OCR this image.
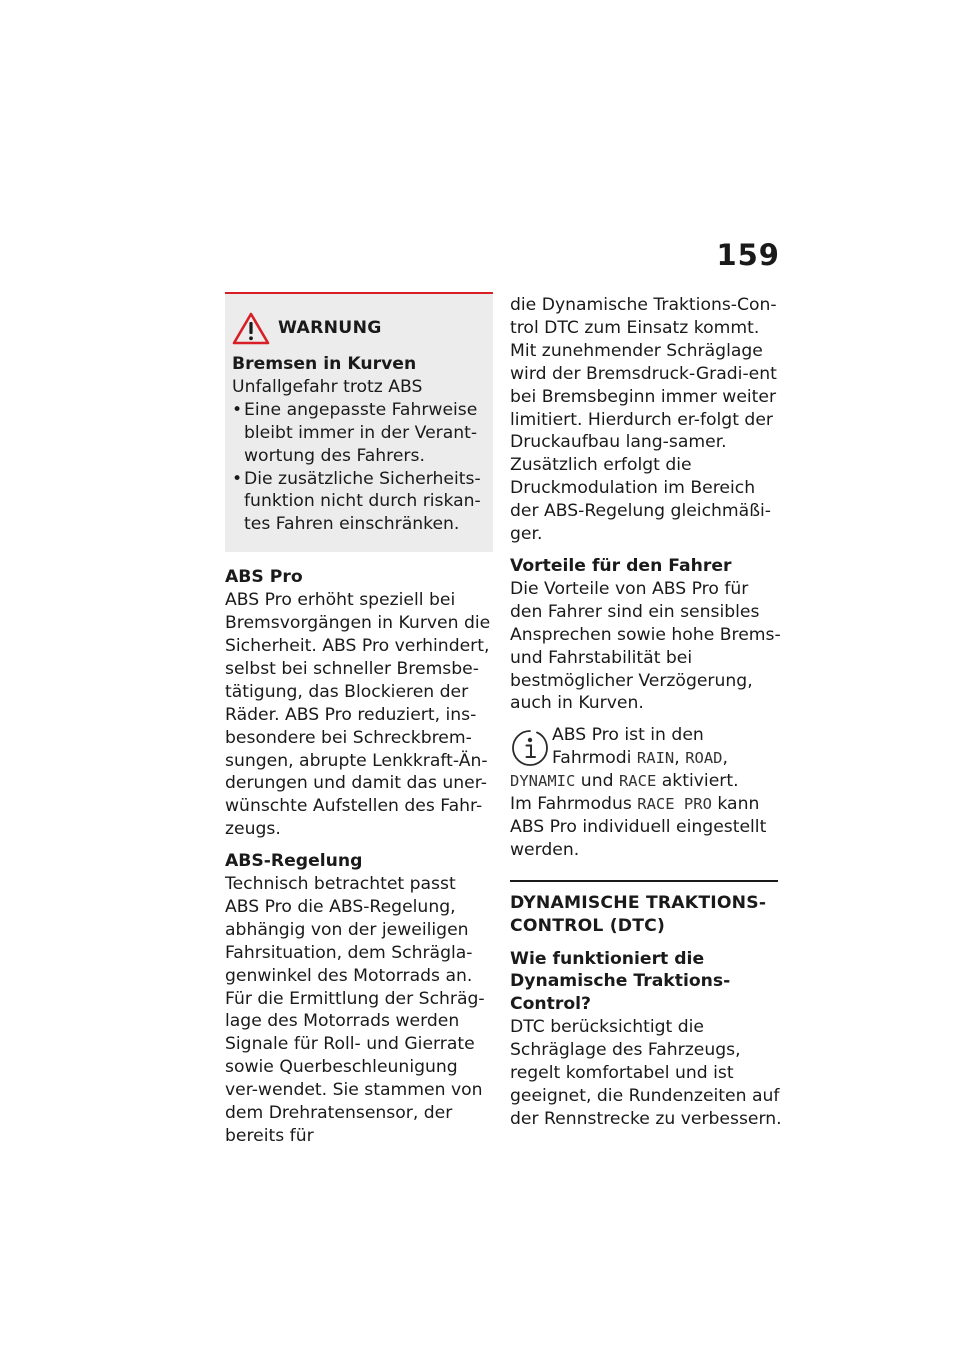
159
WARNUNG

Bremsen in Kurven

Unfallgefahr trotz ABS

• Eine angepasste Fahrweise bleibt immer in der Verant-wortung des Fahrers.
• Die zusätzliche Sicherheits-funktion nicht durch riskan-tes Fahren einschränken.

ABS Pro

ABS Pro erhöht speziell bei Bremsvorgängen in Kurven die Sicherheit. ABS Pro verhindert, selbst bei schneller Bremsbe-tätigung, das Blockieren der Räder. ABS Pro reduziert, ins-besondere bei Schreckbrem-sungen, abrupte Lenkkraft-Än-derungen und damit das uner-wünschte Aufstellen des Fahr-zeugs.

ABS-Regelung

Technisch betrachtet passt ABS Pro die ABS-Regelung, abhängig von der jeweiligen Fahrsituation, dem Schrägla-genwinkel des Motorrads an. Für die Ermittlung der Schräg-lage des Motorrads werden Signale für Roll- und Gierrate sowie Querbeschleunigung ver-wendet. Sie stammen von dem Drehratensensor, der bereits für

die Dynamische Traktions-Con-trol DTC zum Einsatz kommt. Mit zunehmender Schräglage wird der Bremsdruck-Gradi-ent bei Bremsbeginn immer weiter limitiert. Hierdurch er-folgt der Druckaufbau lang-samer. Zusätzlich erfolgt die Druckmodulation im Bereich der ABS-Regelung gleichmäßi-ger.

Vorteile für den Fahrer

Die Vorteile von ABS Pro für den Fahrer sind ein sensibles Ansprechen sowie hohe Brems- und Fahrstabilität bei bestmöglicher Verzögerung, auch in Kurven.

ABS Pro ist in den
Fahrmodi RAIN, ROAD,
DYNAMIC und RACE aktiviert.
Im Fahrmodus RACE PRO kann
ABS Pro individuell eingestellt werden.
DYNAMISCHE TRAKTIONS-
CONTROL (DTC)

Wie funktioniert die Dynamische Traktions-Control?

DTC berücksichtigt die Schräglage des Fahrzeugs, regelt komfortabel und ist geeignet, die Rundenzeiten auf der Rennstrecke zu verbessern.
